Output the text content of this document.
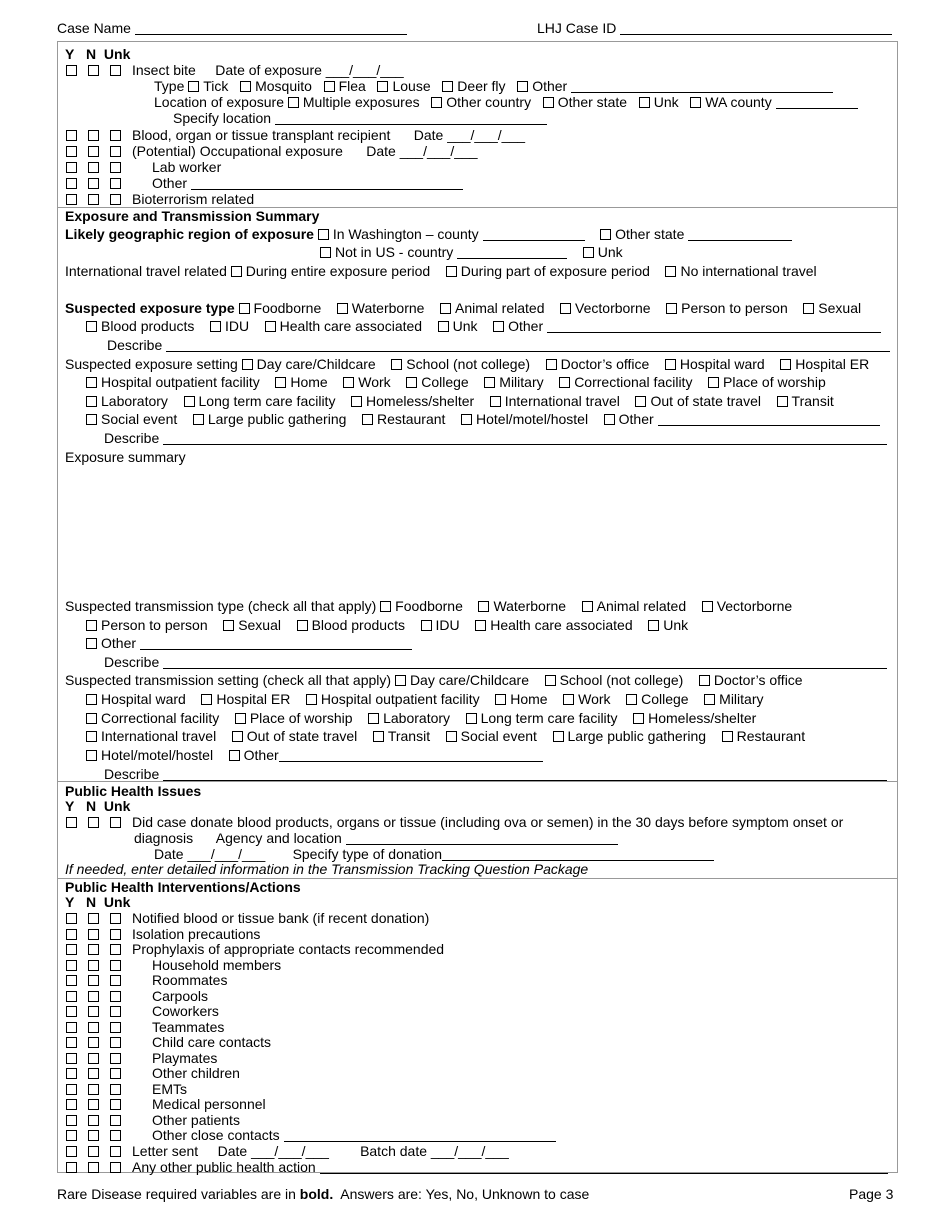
Case Name	LHJ Case ID
Y N Unk
Insect bite Date of exposure ___/___/___
Type Tick Mosquito Flea Louse Deer fly Other
Location of exposure Multiple exposures Other country Other state Unk WA county
Specify location
Blood, organ or tissue transplant recipient Date ___/___/___
(Potential) Occupational exposure Date ___/___/___
Lab worker
Other
Bioterrorism related
Exposure and Transmission Summary
Likely geographic region of exposure In Washington – county	Other state
Not in US - country	Unk
International travel related During entire exposure period During part of exposure period No international travel
Suspected exposure type Foodborne Waterborne Animal related Vectorborne Person to person Sexual
Blood products IDU Health care associated Unk Other
Describe
Suspected exposure setting Day care/Childcare School (not college) Doctor’s office Hospital ward Hospital ER
Hospital outpatient facility Home Work College Military Correctional facility Place of worship
Laboratory Long term care facility Homeless/shelter International travel Out of state travel Transit
Social event Large public gathering Restaurant Hotel/motel/hostel Other
Describe
Exposure summary
Suspected transmission type (check all that apply) Foodborne Waterborne Animal related Vectorborne
Person to person Sexual Blood products IDU Health care associated Unk
Other
Describe
Suspected transmission setting (check all that apply) Day care/Childcare School (not college) Doctor’s office
Hospital ward Hospital ER Hospital outpatient facility Home Work College Military
Correctional facility Place of worship Laboratory Long term care facility Homeless/shelter
International travel Out of state travel Transit Social event Large public gathering Restaurant
Hotel/motel/hostel Other
Describe
Public Health Issues
Y N Unk
Did case donate blood products, organs or tissue (including ova or semen) in the 30 days before symptom onset or
diagnosis Agency and location
Date ___/___/___ Specify type of donation
If needed, enter detailed information in the Transmission Tracking Question Package
Public Health Interventions/Actions
Y N Unk
Notified blood or tissue bank (if recent donation)
Isolation precautions
Prophylaxis of appropriate contacts recommended
Household members
Roommates
Carpools
Coworkers
Teammates
Child care contacts
Playmates
Other children
EMTs
Medical personnel
Other patients
Other close contacts
Letter sent Date ___/___/___ Batch date ___/___/___
Any other public health action
Rare Disease required variables are in bold. Answers are: Yes, No, Unknown to case	Page 3
